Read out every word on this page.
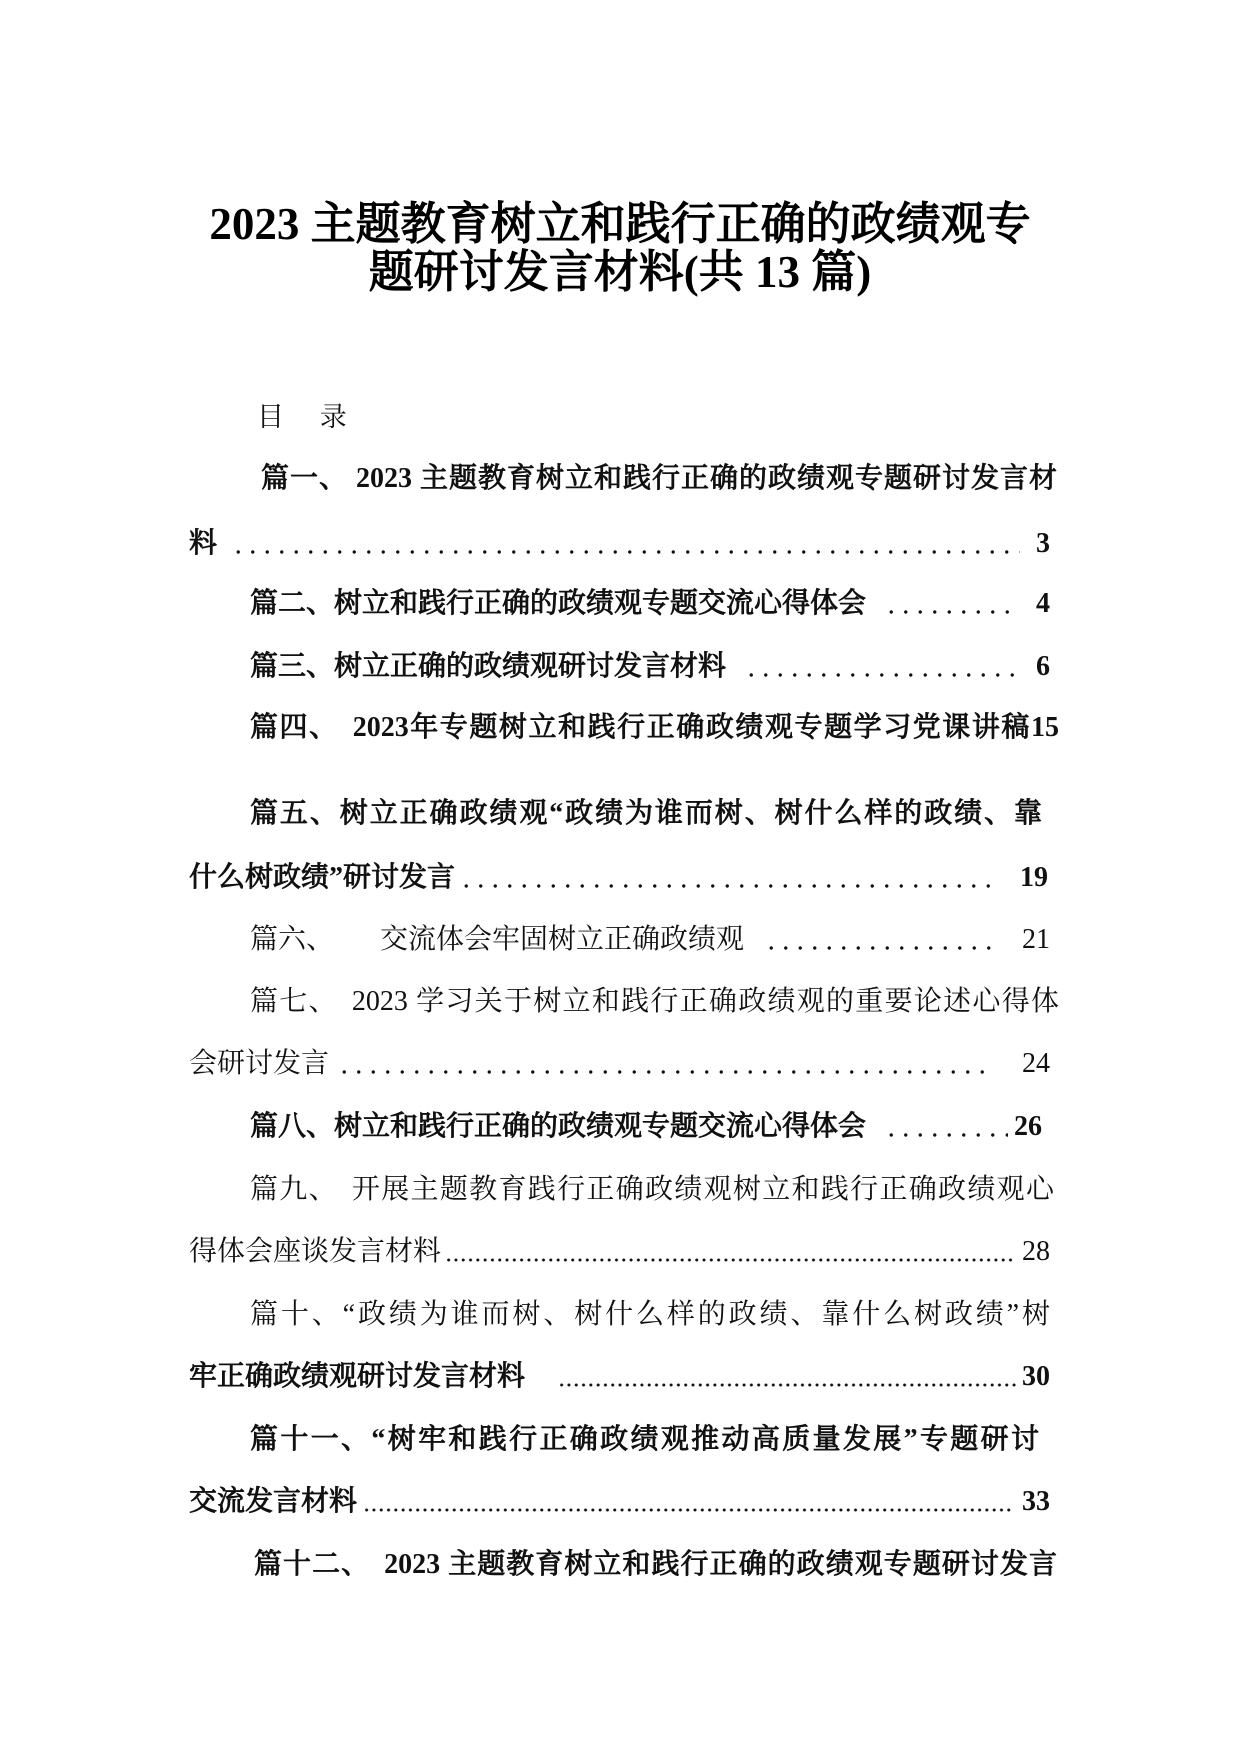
2023 主题教育树立和践行正确的政绩观专
题研讨发言材料(共 13 篇)
目 录
篇一、 2023 主题教育树立和践行正确的政绩观专题研讨发言材
料	3
篇二、 树立和践行正确的政绩观专题交流心得体会	4
篇三、 树立正确的政绩观研讨发言材料	6
篇四、 2023年专题树立和践行正确政绩观专题学习党课讲稿15
篇五、树立正确政绩观“政绩为谁而树、树什么样的政绩、靠
什么树政绩”研讨发言	19
篇六、 交流体会牢固树立正确政绩观	21
篇七、 2023 学习关于树立和践行正确政绩观的重要论述心得体
会研讨发言	24
篇八、 树立和践行正确的政绩观专题交流心得体会	26
篇九、 开展主题教育践行正确政绩观树立和践行正确政绩观心
得体会座谈发言材料	28
篇十、“政绩为谁而树、树什么样的政绩、靠什么树政绩”树
牢正确政绩观研讨发言材料	30
篇十一、“树牢和践行正确政绩观推动高质量发展”专题研讨
交流发言材料	33
篇十二、 2023 主题教育树立和践行正确的政绩观专题研讨发言
